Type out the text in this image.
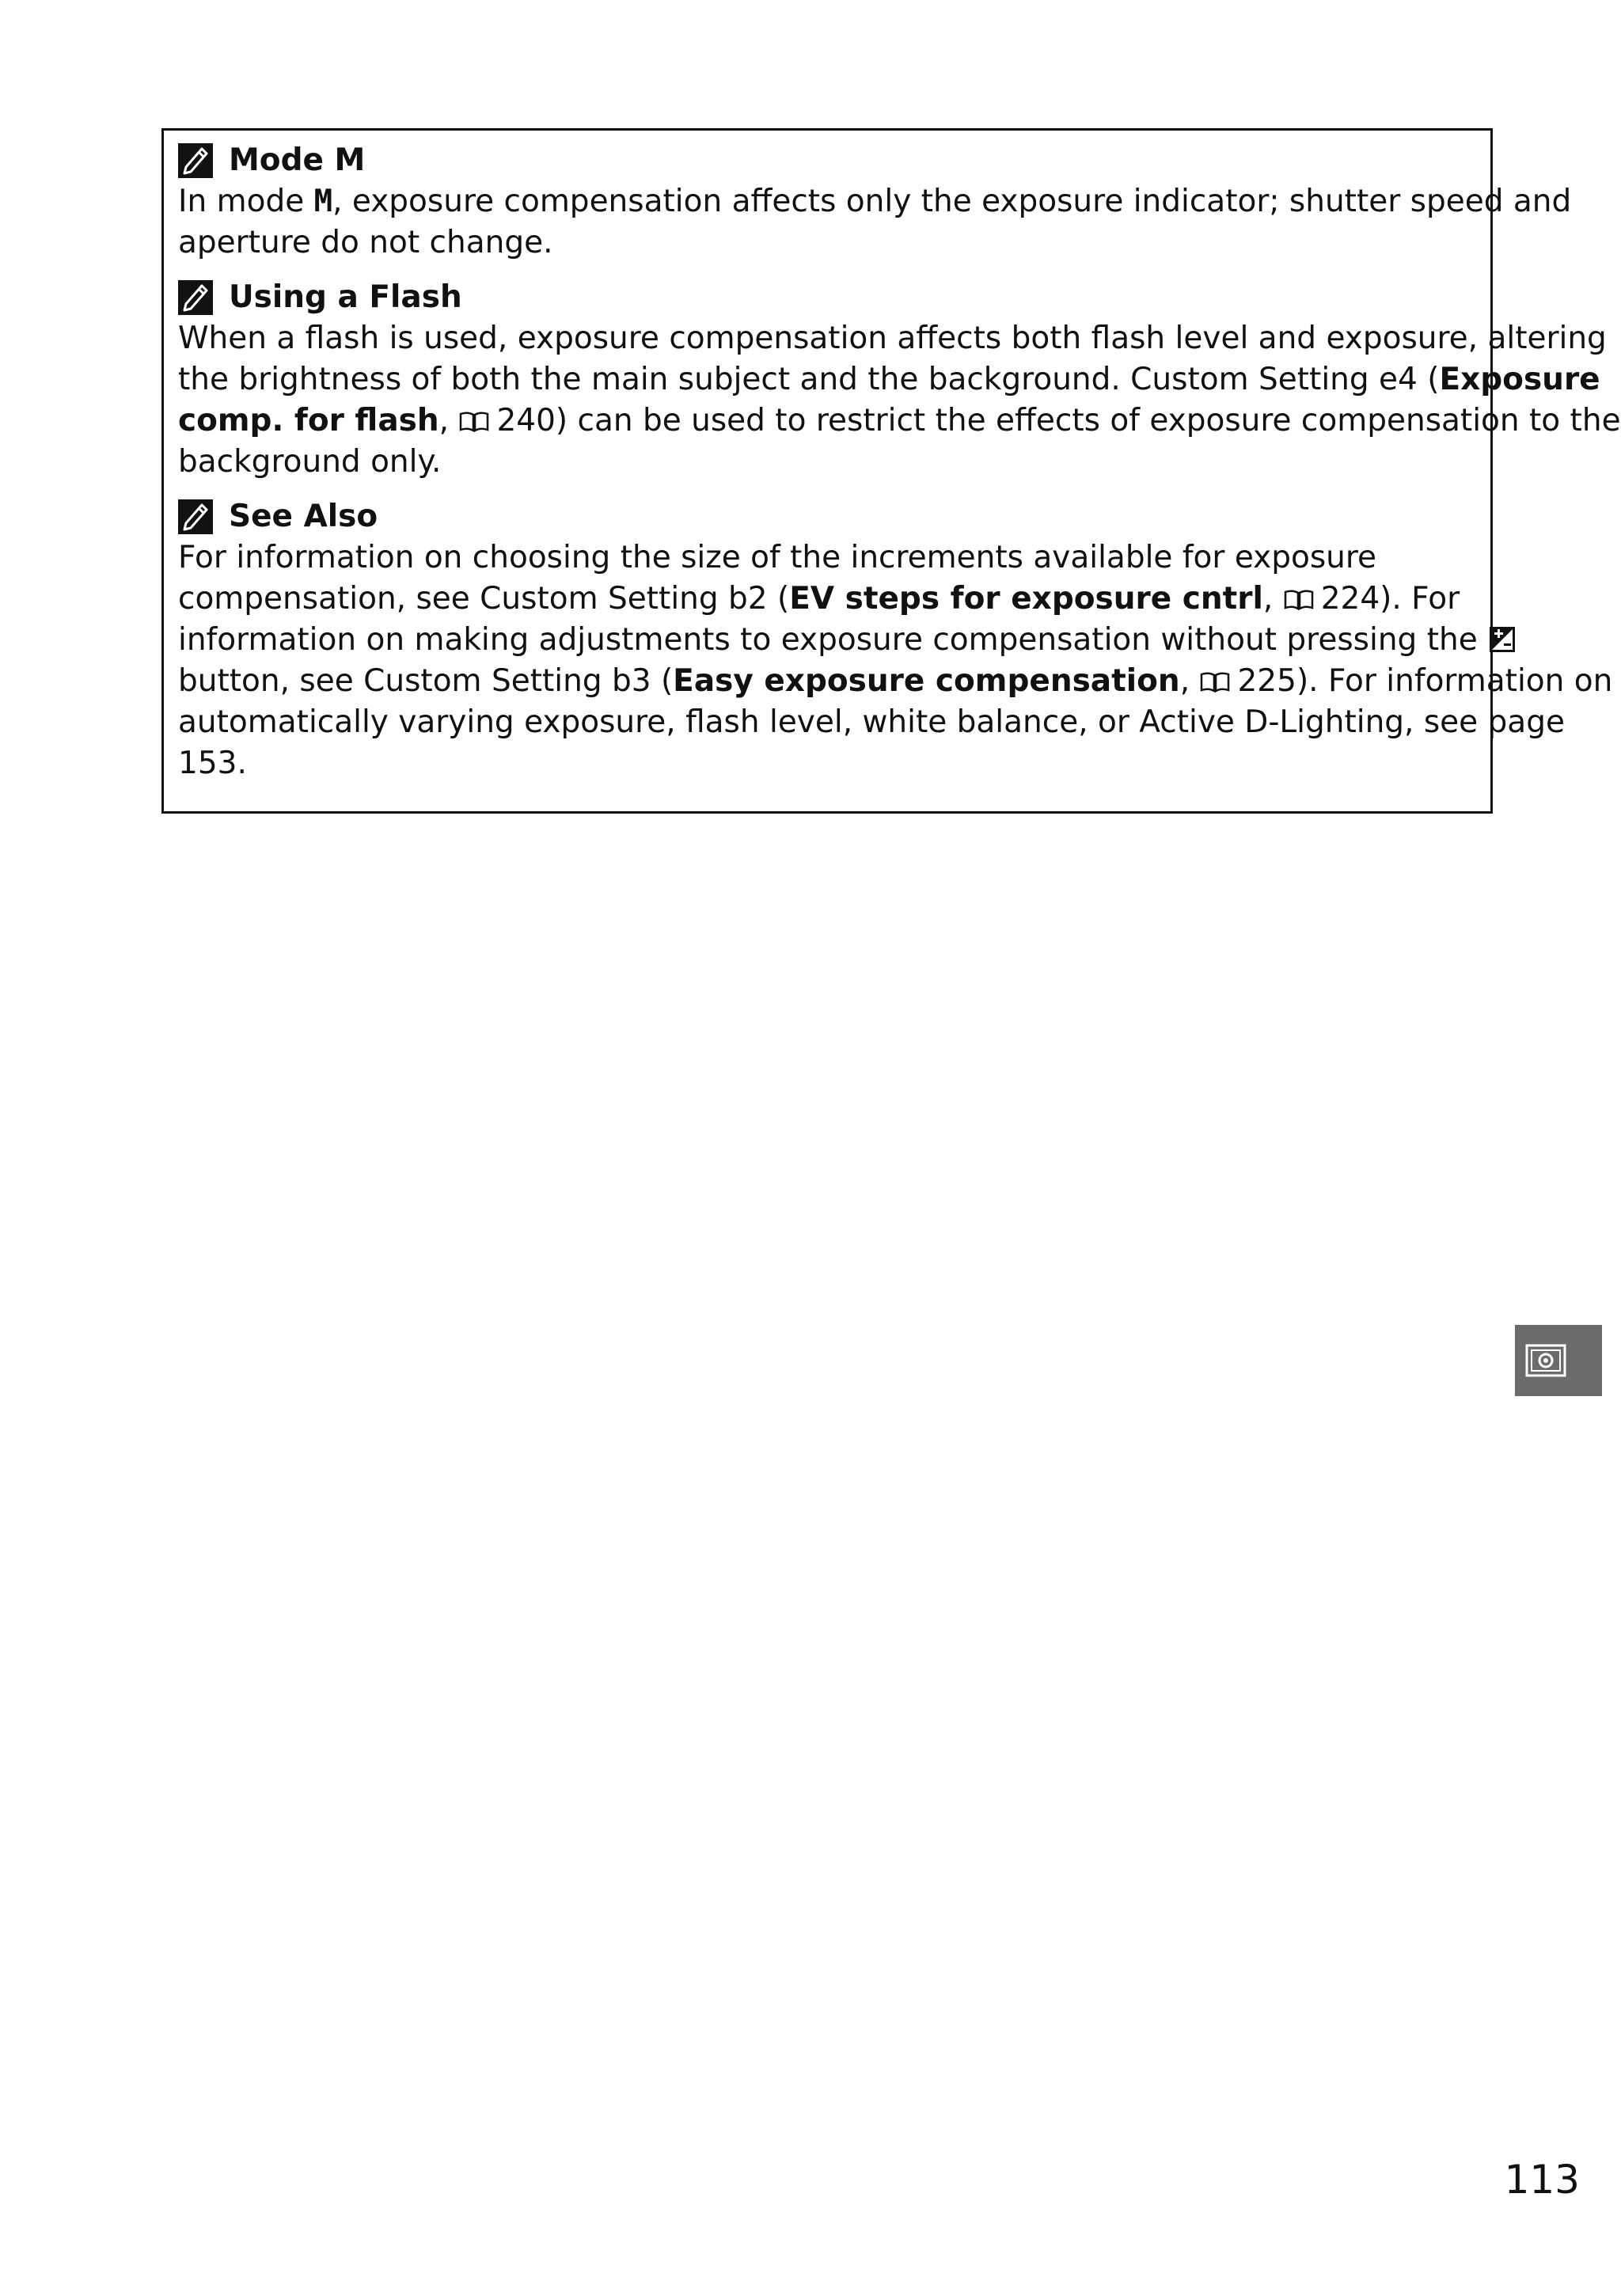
Mode M

In mode M, exposure compensation affects only the exposure indicator; shutter speed and

aperture do not change.

Using a Flash

When a flash is used, exposure compensation affects both flash level and exposure, altering

the brightness of both the main subject and the background. Custom Setting e4 (Exposure

comp. for flash, 240) can be used to restrict the effects of exposure compensation to the

background only.

See Also

For information on choosing the size of the increments available for exposure

compensation, see Custom Setting b2 (EV steps for exposure cntrl, 224). For

information on making adjustments to exposure compensation without pressing the

button, see Custom Setting b3 (Easy exposure compensation, 225). For information on

automatically varying exposure, flash level, white balance, or Active D-Lighting, see page

153.

113
